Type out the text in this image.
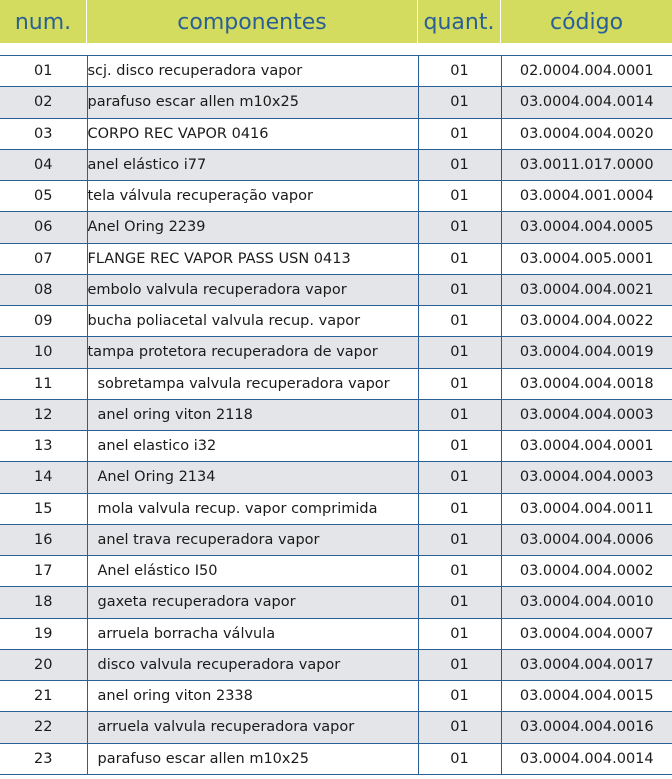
num.	componentes	quant.	código
01	scj. disco recuperadora vapor	01	02.0004.004.0001
02	parafuso escar allen m10x25	01	03.0004.004.0014
03	CORPO REC VAPOR 0416	01	03.0004.004.0020
04	anel elástico i77	01	03.0011.017.0000
05	tela válvula recuperação vapor	01	03.0004.001.0004
06	Anel Oring 2239	01	03.0004.004.0005
07	FLANGE REC VAPOR PASS USN 0413	01	03.0004.005.0001
08	embolo valvula recuperadora vapor	01	03.0004.004.0021
09	bucha poliacetal valvula recup. vapor	01	03.0004.004.0022
10	tampa protetora recuperadora de vapor	01	03.0004.004.0019
11	sobretampa valvula recuperadora vapor	01	03.0004.004.0018
12	anel oring viton 2118	01	03.0004.004.0003
13	anel elastico i32	01	03.0004.004.0001
14	Anel Oring 2134	01	03.0004.004.0003
15	mola valvula recup. vapor comprimida	01	03.0004.004.0011
16	anel trava recuperadora vapor	01	03.0004.004.0006
17	Anel elástico I50	01	03.0004.004.0002
18	gaxeta recuperadora vapor	01	03.0004.004.0010
19	arruela borracha válvula	01	03.0004.004.0007
20	disco valvula recuperadora vapor	01	03.0004.004.0017
21	anel oring viton 2338	01	03.0004.004.0015
22	arruela valvula recuperadora vapor	01	03.0004.004.0016
23	parafuso escar allen m10x25	01	03.0004.004.0014
